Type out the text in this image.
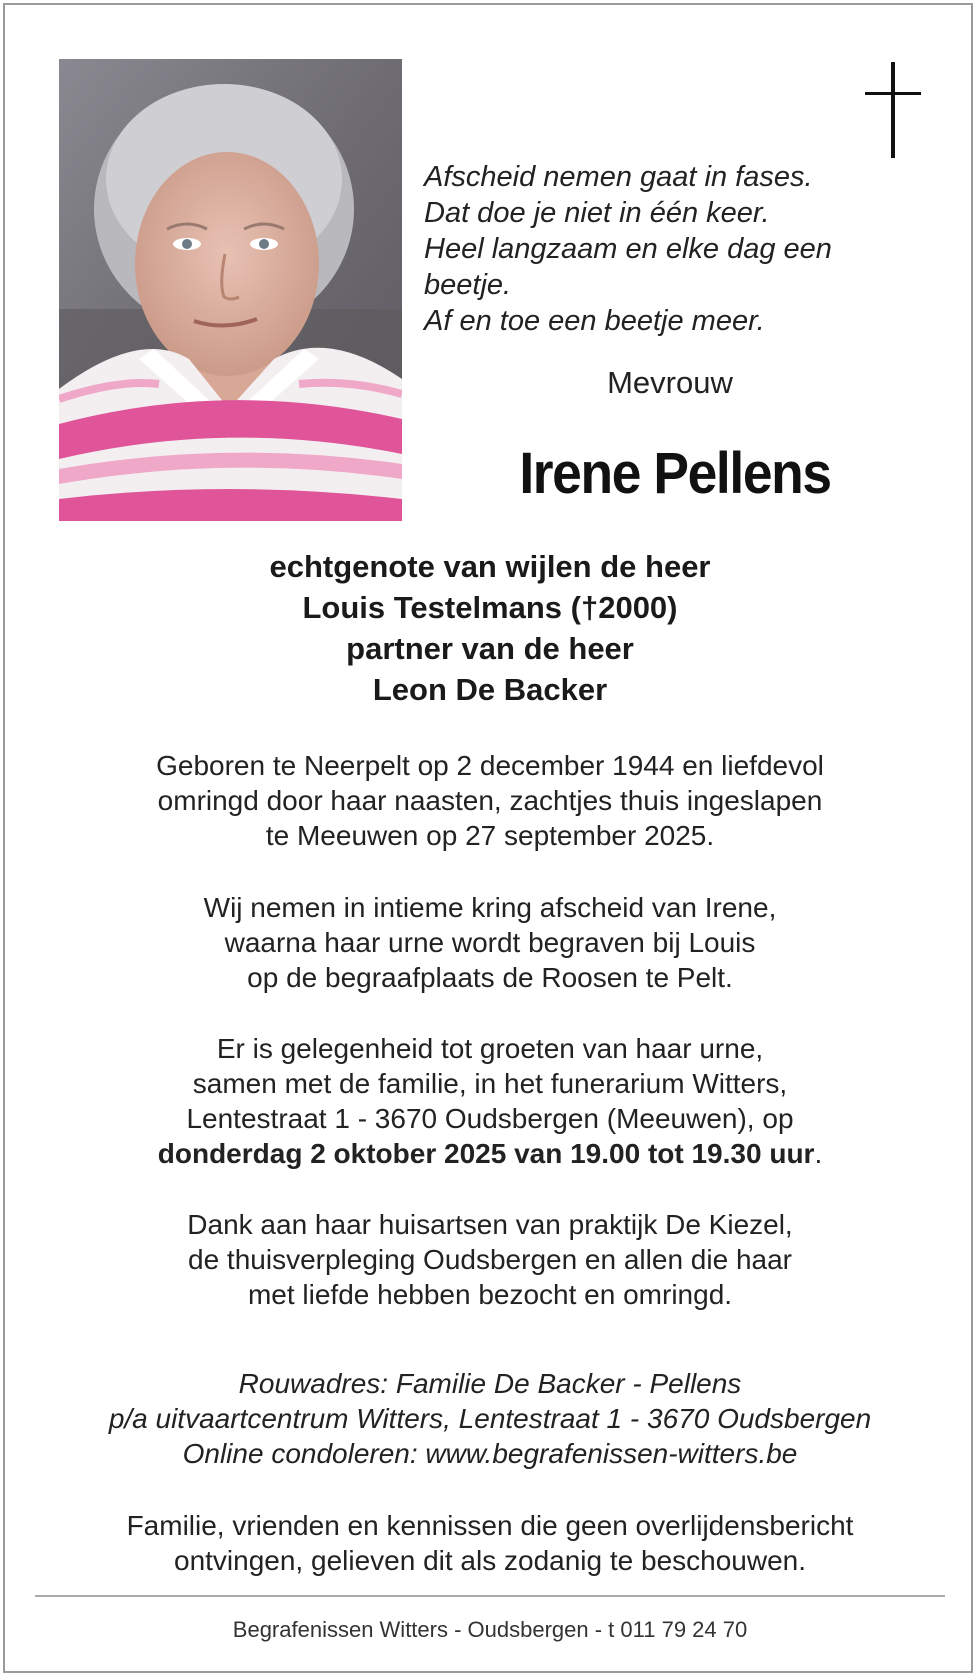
Afscheid nemen gaat in fases.
Dat doe je niet in één keer.
Heel langzaam en elke dag een
beetje.
Af en toe een beetje meer.
Mevrouw
Irene Pellens
echtgenote van wijlen de heer
Louis Testelmans (†2000)
partner van de heer
Leon De Backer
Geboren te Neerpelt op 2 december 1944 en liefdevol
omringd door haar naasten, zachtjes thuis ingeslapen
te Meeuwen op 27 september 2025.
Wij nemen in intieme kring afscheid van Irene,
waarna haar urne wordt begraven bij Louis
op de begraafplaats de Roosen te Pelt.
Er is gelegenheid tot groeten van haar urne,
samen met de familie, in het funerarium Witters,
Lentestraat 1 - 3670 Oudsbergen (Meeuwen), op
donderdag 2 oktober 2025 van 19.00 tot 19.30 uur.
Dank aan haar huisartsen van praktijk De Kiezel,
de thuisverpleging Oudsbergen en allen die haar
met liefde hebben bezocht en omringd.
Rouwadres: Familie De Backer - Pellens
p/a uitvaartcentrum Witters, Lentestraat 1 - 3670 Oudsbergen
Online condoleren: www.begrafenissen-witters.be
Familie, vrienden en kennissen die geen overlijdensbericht
ontvingen, gelieven dit als zodanig te beschouwen.
Begrafenissen Witters - Oudsbergen - t 011 79 24 70
